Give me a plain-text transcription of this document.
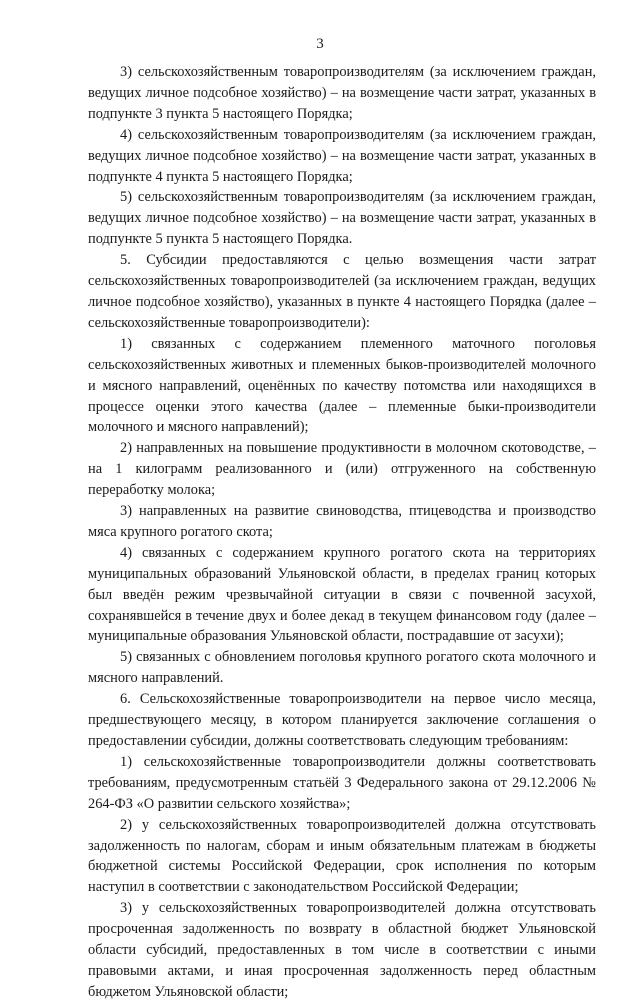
3

3) сельскохозяйственным товаропроизводителям (за исключением граждан, ведущих личное подсобное хозяйство) – на возмещение части затрат, указанных в подпункте 3 пункта 5 настоящего Порядка;

4) сельскохозяйственным товаропроизводителям (за исключением граждан, ведущих личное подсобное хозяйство) – на возмещение части затрат, указанных в подпункте 4 пункта 5 настоящего Порядка;

5) сельскохозяйственным товаропроизводителям (за исключением граждан, ведущих личное подсобное хозяйство) – на возмещение части затрат, указанных в подпункте 5 пункта 5 настоящего Порядка.

5. Субсидии предоставляются с целью возмещения части затрат сельскохозяйственных товаропроизводителей (за исключением граждан, ведущих личное подсобное хозяйство), указанных в пункте 4 настоящего Порядка (далее – сельскохозяйственные товаропроизводители):

1) связанных с содержанием племенного маточного поголовья сельскохозяйственных животных и племенных быков-производителей молочного и мясного направлений, оценённых по качеству потомства или находящихся в процессе оценки этого качества (далее – племенные быки-производители молочного и мясного направлений);

2) направленных на повышение продуктивности в молочном скотоводстве, – на 1 килограмм реализованного и (или) отгруженного на собственную переработку молока;

3) направленных на развитие свиноводства, птицеводства и производство мяса крупного рогатого скота;

4) связанных с содержанием крупного рогатого скота на территориях муниципальных образований Ульяновской области, в пределах границ которых был введён режим чрезвычайной ситуации в связи с почвенной засухой, сохранявшейся в течение двух и более декад в текущем финансовом году (далее – муниципальные образования Ульяновской области, пострадавшие от засухи);

5) связанных с обновлением поголовья крупного рогатого скота молочного и мясного направлений.

6. Сельскохозяйственные товаропроизводители на первое число месяца, предшествующего месяцу, в котором планируется заключение соглашения о предоставлении субсидии, должны соответствовать следующим требованиям:

1) сельскохозяйственные товаропроизводители должны соответствовать требованиям, предусмотренным статьёй 3 Федерального закона от 29.12.2006 № 264-ФЗ «О развитии сельского хозяйства»;

2) у сельскохозяйственных товаропроизводителей должна отсутствовать задолженность по налогам, сборам и иным обязательным платежам в бюджеты бюджетной системы Российской Федерации, срок исполнения по которым наступил в соответствии с законодательством Российской Федерации;

3) у сельскохозяйственных товаропроизводителей должна отсутствовать просроченная задолженность по возврату в областной бюджет Ульяновской области субсидий, предоставленных в том числе в соответствии с иными правовыми актами, и иная просроченная задолженность перед областным бюджетом Ульяновской области;
